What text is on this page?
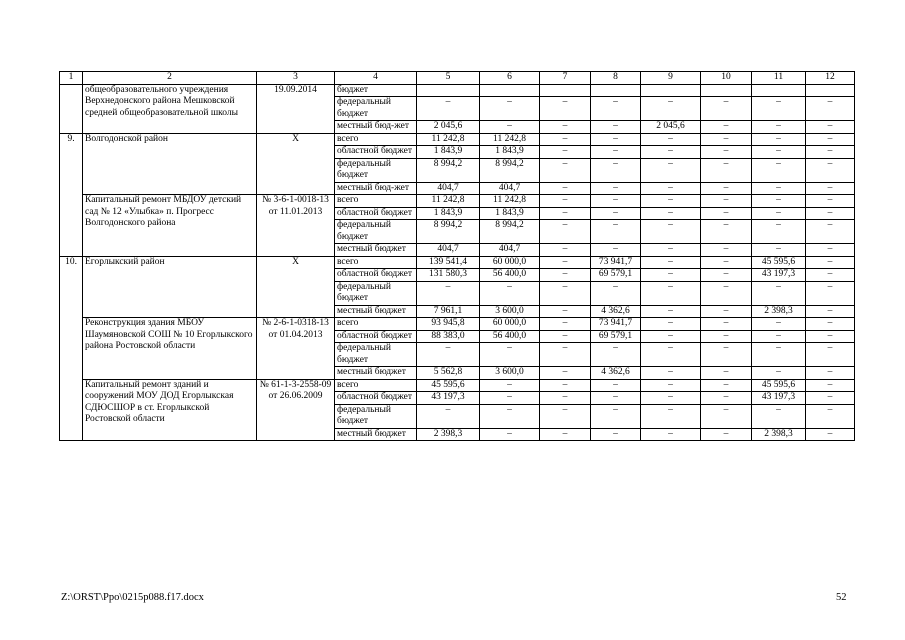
1	2	3	4	5	6	7	8	9	10	11	12
	общеобразовательного учреждения Верхнедонского района Мешковской средней общеобразовательной школы	19.09.2014	бюджет								
			федеральный бюджет	–	–	–	–	–	–	–	–
			местный бюд-жет	2 045,6	–	–	–	2 045,6	–	–	–
9.	Волгодонской район	Х	всего	11 242,8	11 242,8	–	–	–	–	–	–
			областной бюджет	1 843,9	1 843,9	–	–	–	–	–	–
			федеральный бюджет	8 994,2	8 994,2	–	–	–	–	–	–
			местный бюд-жет	404,7	404,7	–	–	–	–	–	–
	Капитальный ремонт МБДОУ детский сад № 12 «Улыбка» п. Прогресс Волгодонского района	№ 3-6-1-0018-13 от 11.01.2013	всего	11 242,8	11 242,8	–	–	–	–	–	–
			областной бюджет	1 843,9	1 843,9	–	–	–	–	–	–
			федеральный бюджет	8 994,2	8 994,2	–	–	–	–	–	–
			местный бюджет	404,7	404,7	–	–	–	–	–	–
10.	Егорлыкский район	Х	всего	139 541,4	60 000,0	–	73 941,7	–	–	45 595,6	–
			областной бюджет	131 580,3	56 400,0	–	69 579,1	–	–	43 197,3	–
			федеральный бюджет	–	–	–	–	–	–	–	–
			местный бюджет	7 961,1	3 600,0	–	4 362,6	–	–	2 398,3	–
	Реконструкция здания МБОУ Шаумяновской СОШ № 10 Егорлыкского района Ростовской области	№ 2-6-1-0318-13 от 01.04.2013	всего	93 945,8	60 000,0	–	73 941,7	–	–	–	–
			областной бюджет	88 383,0	56 400,0	–	69 579,1	–	–	–	–
			федеральный бюджет	–	–	–	–	–	–	–	–
			местный бюджет	5 562,8	3 600,0	–	4 362,6	–	–	–	–
	Капитальный ремонт зданий и сооружений МОУ ДОД Егорлыкская СДЮСШОР в ст. Егорлыкской Ростовской области	№ 61-1-3-2558-09 от 26.06.2009	всего	45 595,6	–	–	–	–	–	45 595,6	–
			областной бюджет	43 197,3	–	–	–	–	–	43 197,3	–
			федеральный бюджет	–	–	–	–	–	–	–	–
			местный бюджет	2 398,3	–	–	–	–	–	2 398,3	–
Z:\ORST\Ppo\0215p088.f17.docx	52
